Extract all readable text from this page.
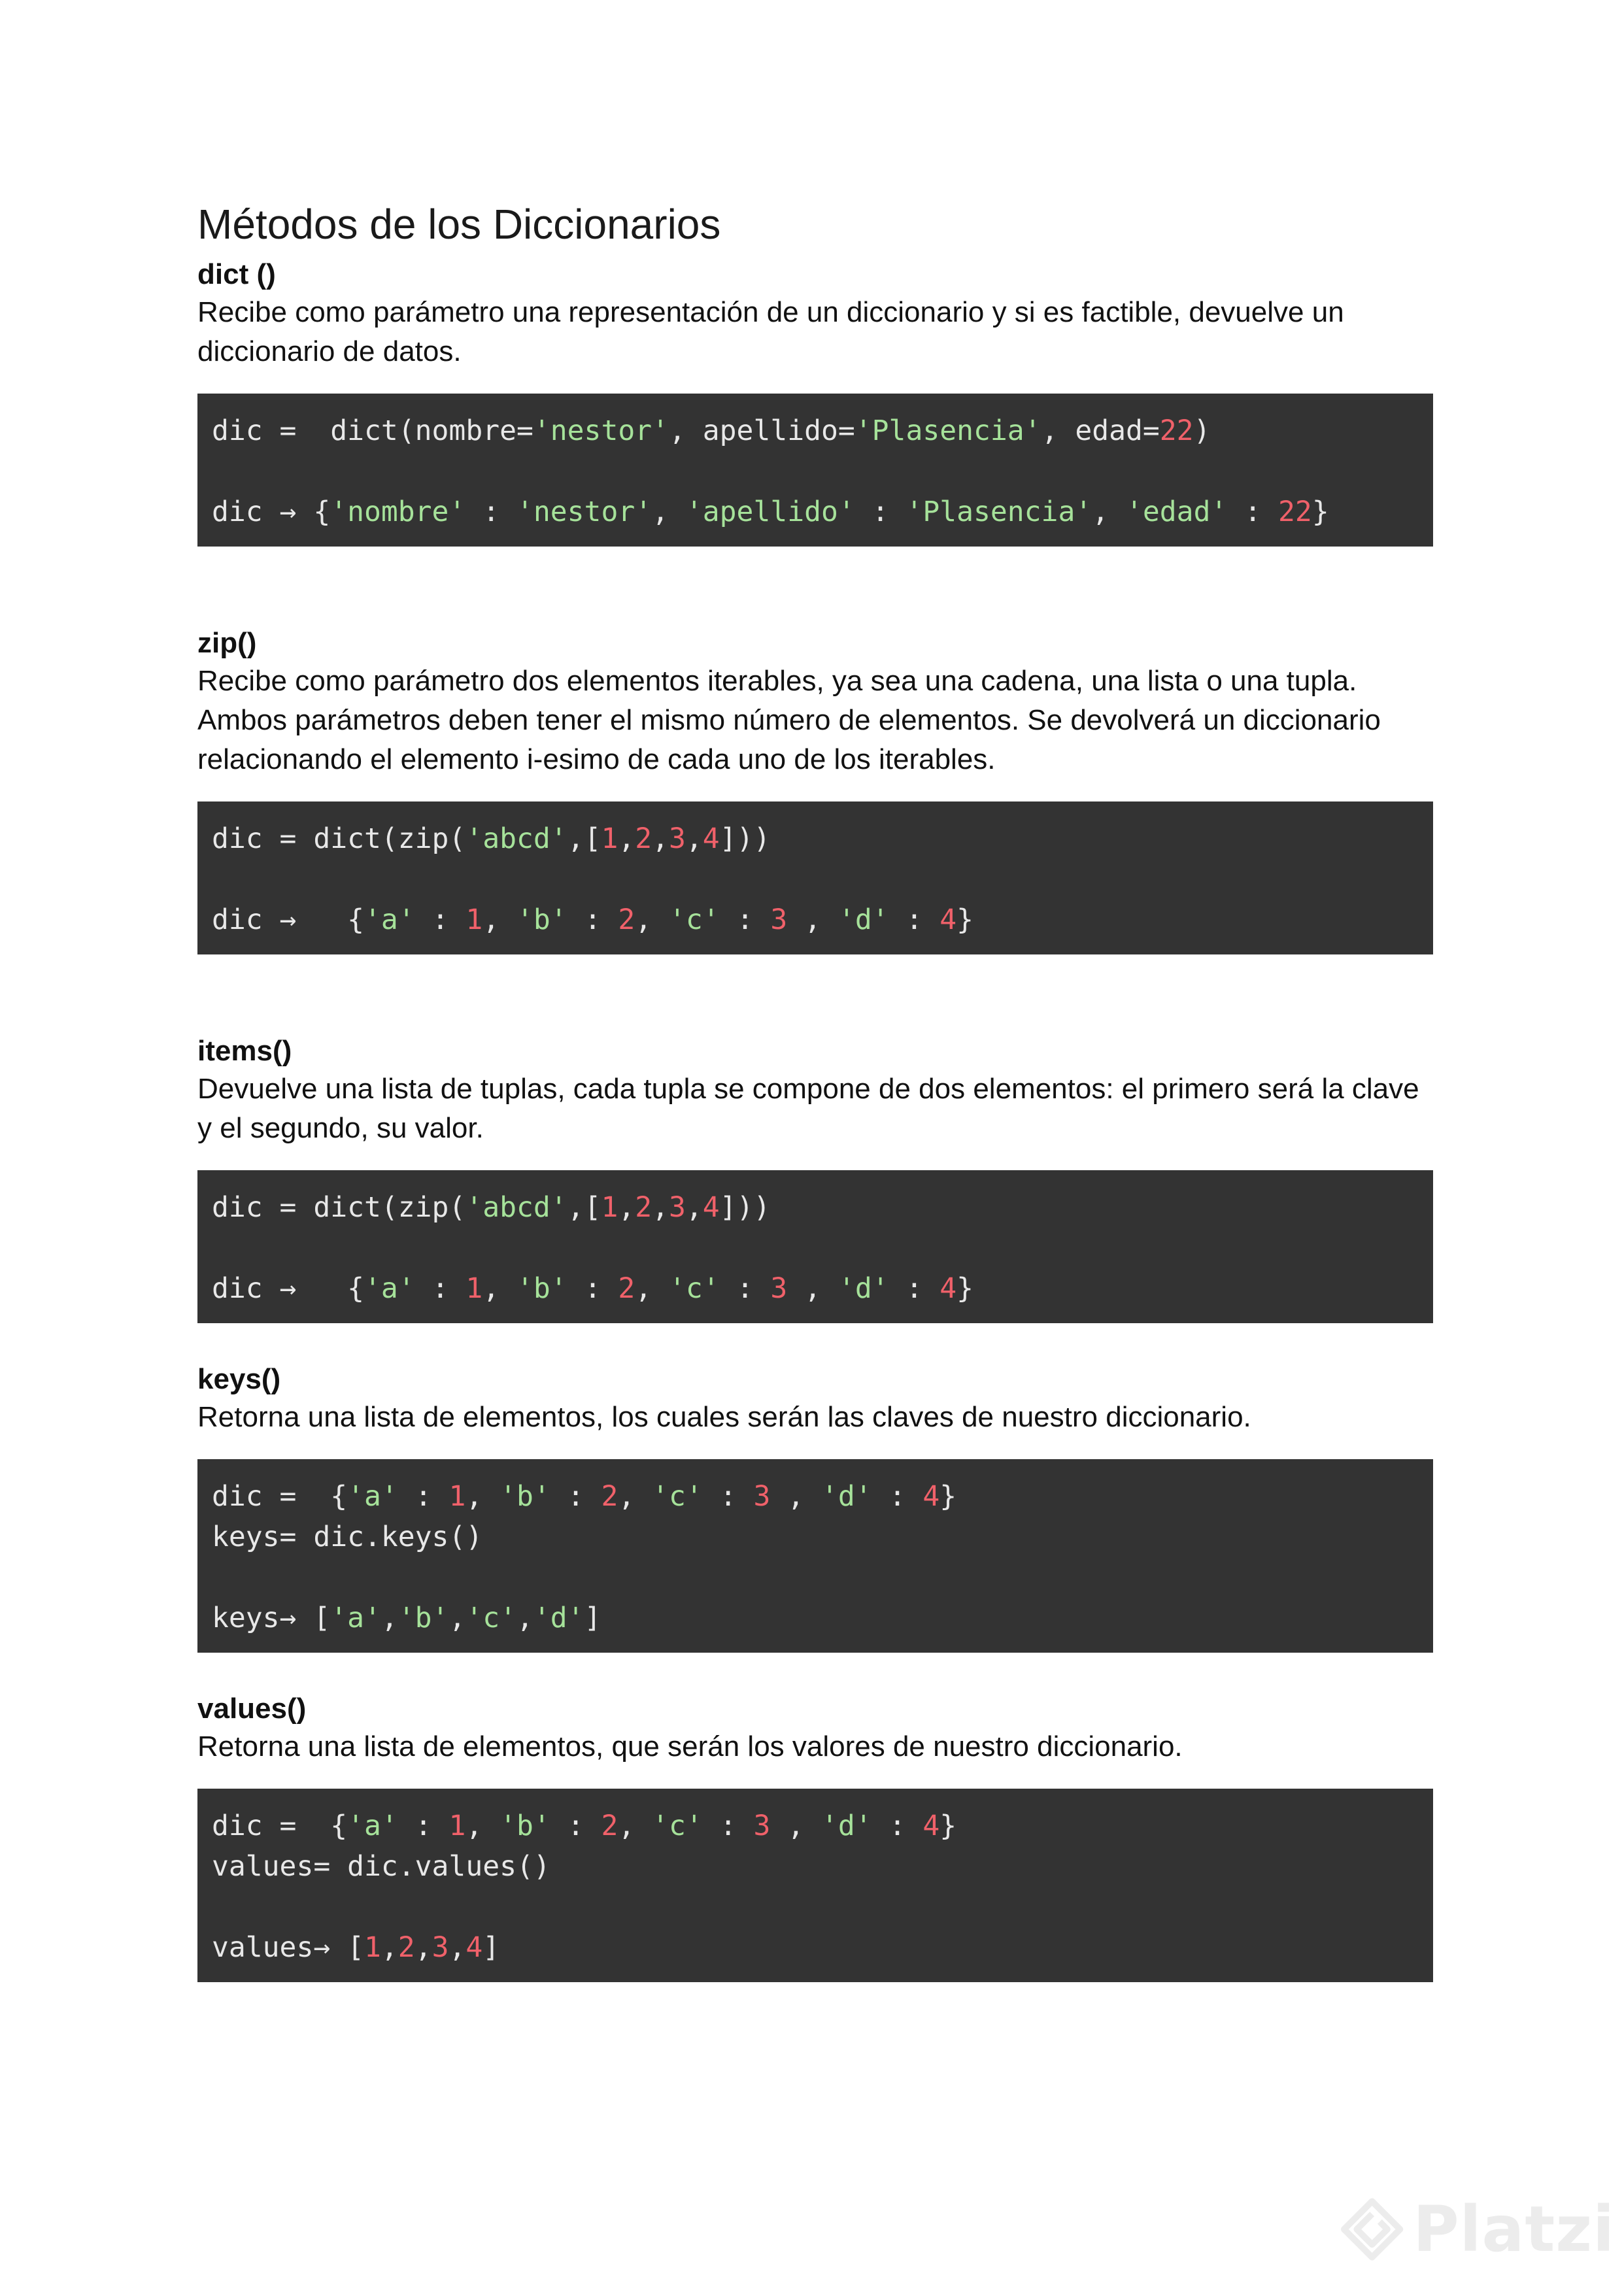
Métodos de los Diccionarios

dict ()

Recibe como parámetro una representación de un diccionario y si es factible, devuelve un diccionario de datos.

dic =  dict(nombre='nestor', apellido='Plasencia', edad=22)
dic → {'nombre' : 'nestor', 'apellido' : 'Plasencia', 'edad' : 22}

zip()

Recibe como parámetro dos elementos iterables, ya sea una cadena, una lista o una tupla. Ambos parámetros deben tener el mismo número de elementos. Se devolverá un diccionario relacionando el elemento i-esimo de cada uno de los iterables.

dic = dict(zip('abcd',[1,2,3,4]))
dic →   {'a' : 1, 'b' : 2, 'c' : 3 , 'd' : 4}

items()

Devuelve una lista de tuplas, cada tupla se compone de dos elementos: el primero será la clave y el segundo, su valor.

dic = dict(zip('abcd',[1,2,3,4]))
dic →   {'a' : 1, 'b' : 2, 'c' : 3 , 'd' : 4}

keys()

Retorna una lista de elementos, los cuales serán las claves de nuestro diccionario.

dic =  {'a' : 1, 'b' : 2, 'c' : 3 , 'd' : 4}
keys= dic.keys()
keys→ ['a','b','c','d']

values()

Retorna una lista de elementos, que serán los valores de nuestro diccionario.

dic =  {'a' : 1, 'b' : 2, 'c' : 3 , 'd' : 4}
values= dic.values()
values→ [1,2,3,4]
Platzi
